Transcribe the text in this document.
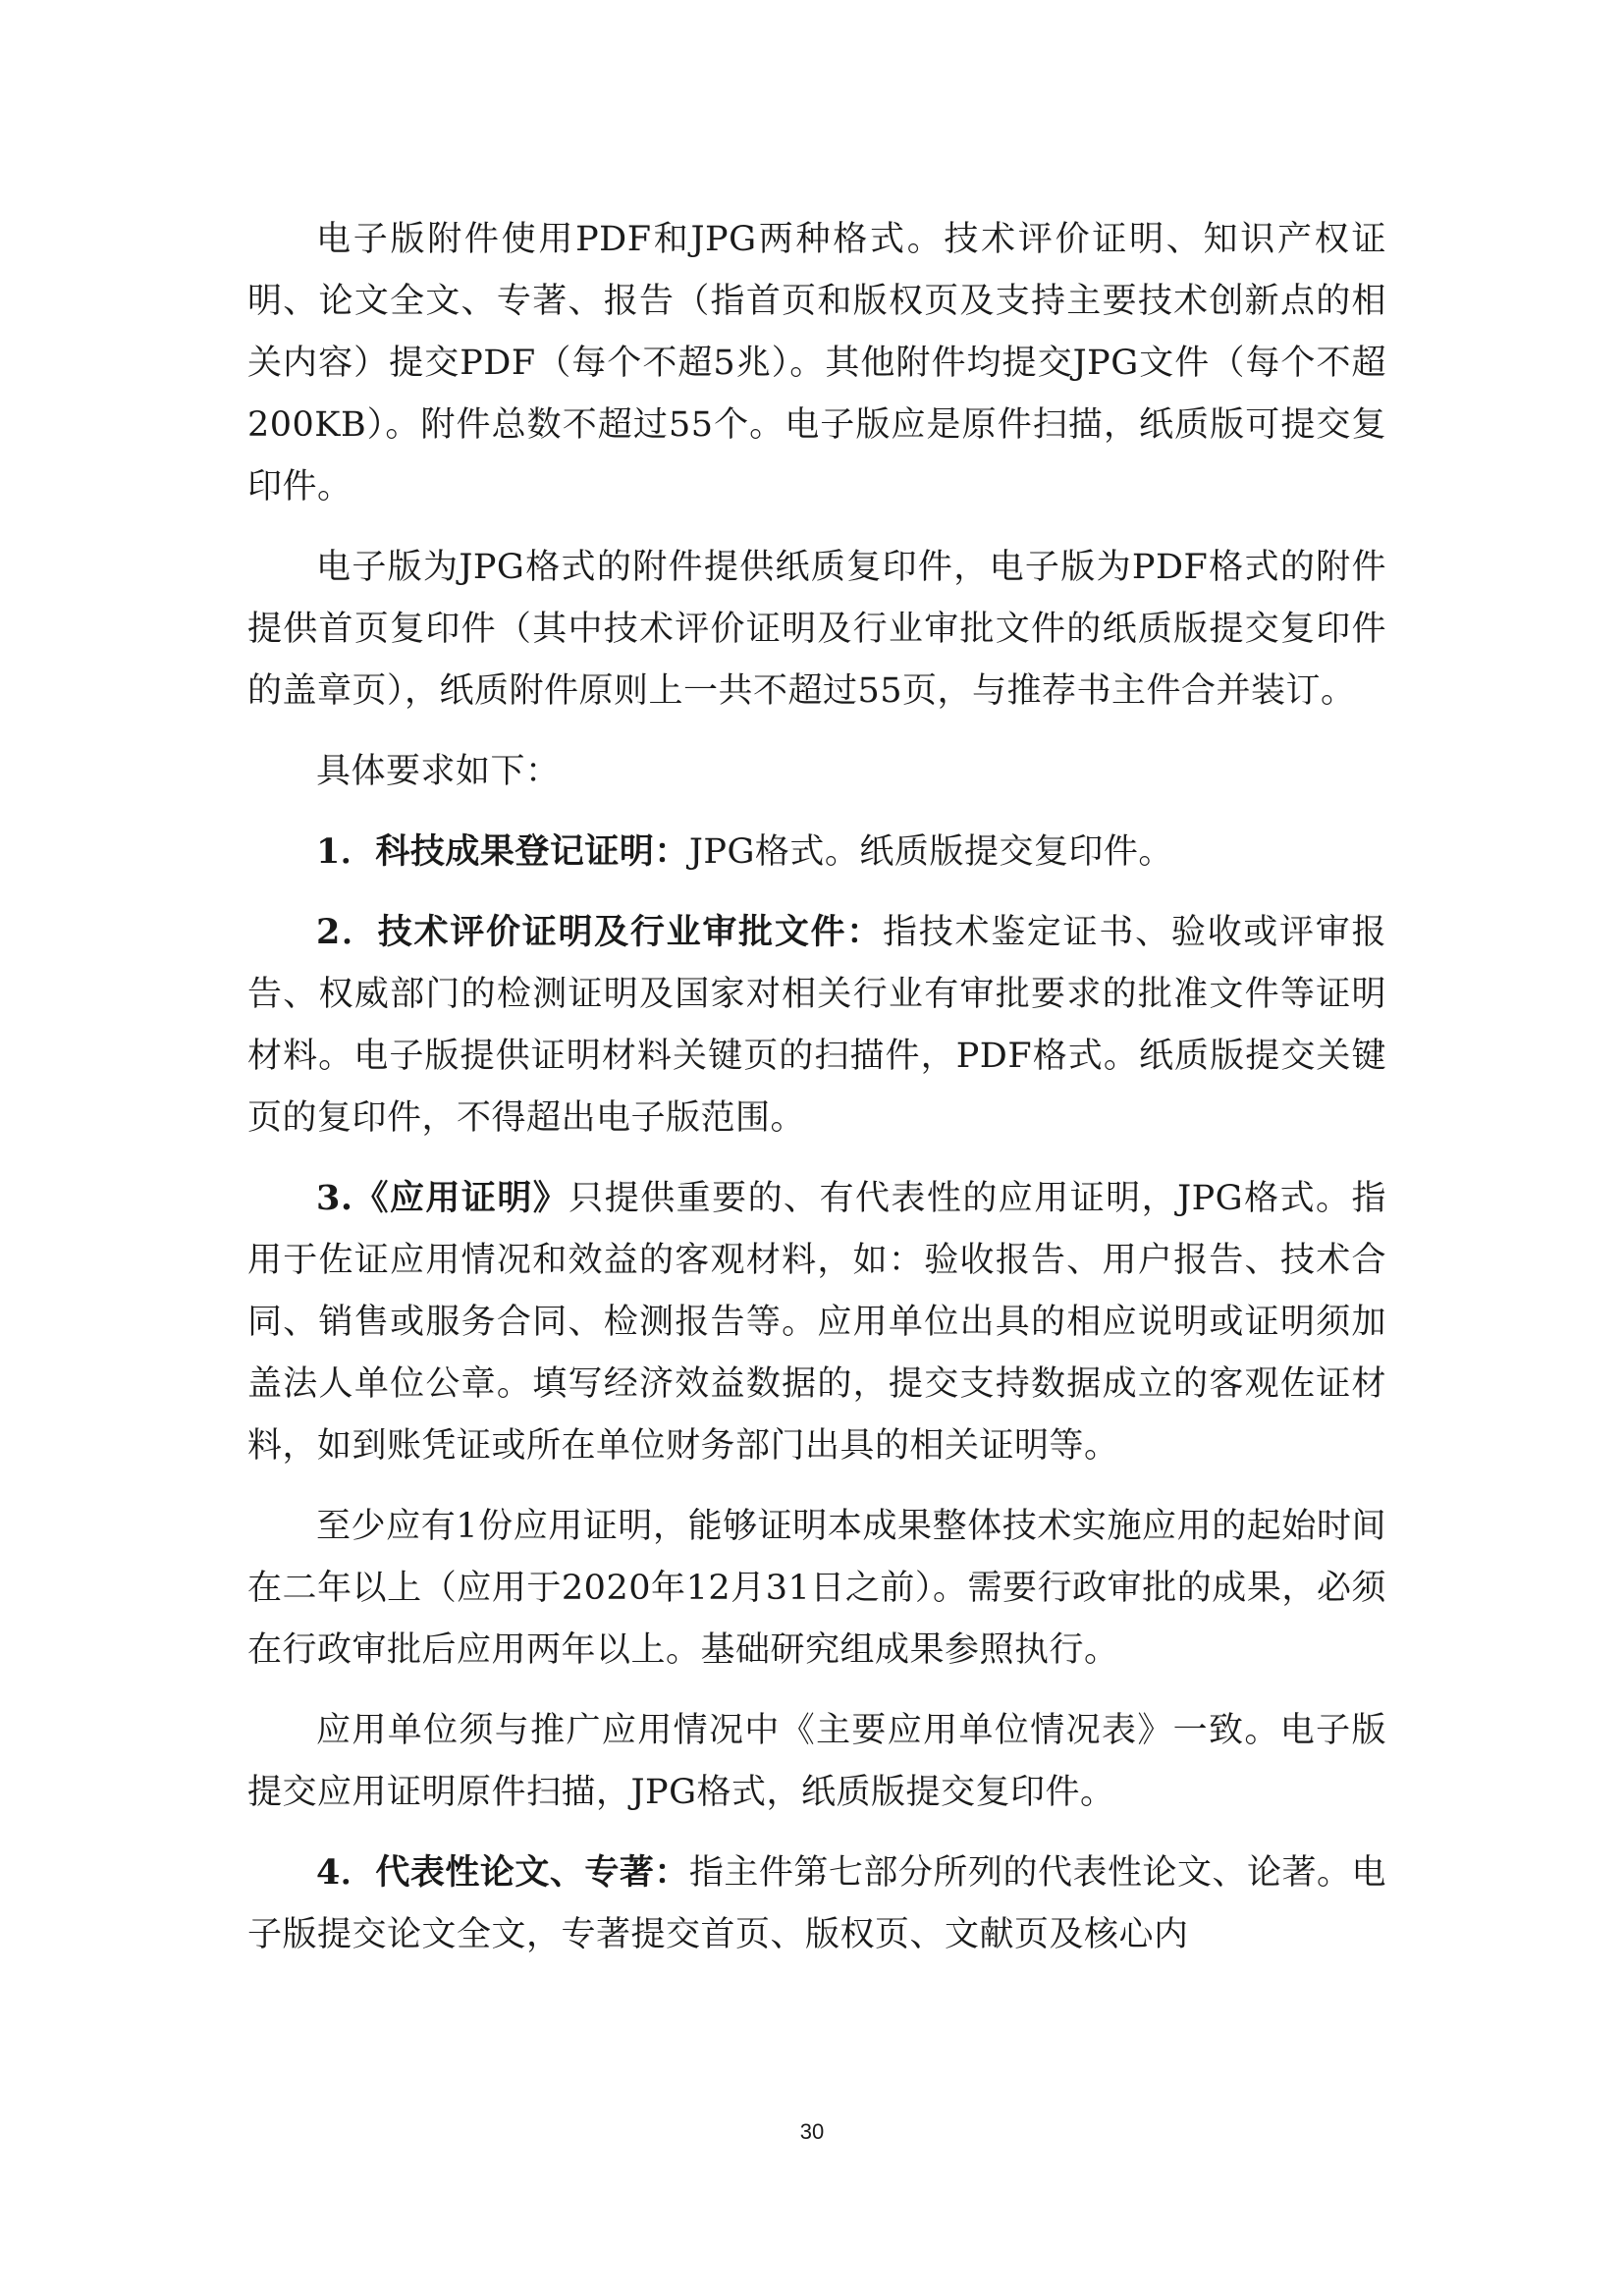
电子版附件使用PDF和JPG两种格式。技术评价证明、知识产权证明、论文全文、专著、报告（指首页和版权页及支持主要技术创新点的相关内容）提交PDF（每个不超5兆）。其他附件均提交JPG文件（每个不超200KB）。附件总数不超过55个。电子版应是原件扫描，纸质版可提交复印件。

电子版为JPG格式的附件提供纸质复印件，电子版为PDF格式的附件提供首页复印件（其中技术评价证明及行业审批文件的纸质版提交复印件的盖章页），纸质附件原则上一共不超过55页，与推荐书主件合并装订。

具体要求如下：

1．科技成果登记证明：JPG格式。纸质版提交复印件。

2．技术评价证明及行业审批文件：指技术鉴定证书、验收或评审报告、权威部门的检测证明及国家对相关行业有审批要求的批准文件等证明材料。电子版提供证明材料关键页的扫描件，PDF格式。纸质版提交关键页的复印件，不得超出电子版范围。

3.《应用证明》只提供重要的、有代表性的应用证明，JPG格式。指用于佐证应用情况和效益的客观材料，如：验收报告、用户报告、技术合同、销售或服务合同、检测报告等。应用单位出具的相应说明或证明须加盖法人单位公章。填写经济效益数据的，提交支持数据成立的客观佐证材料，如到账凭证或所在单位财务部门出具的相关证明等。

至少应有1份应用证明，能够证明本成果整体技术实施应用的起始时间在二年以上（应用于2020年12月31日之前）。需要行政审批的成果，必须在行政审批后应用两年以上。基础研究组成果参照执行。

应用单位须与推广应用情况中《主要应用单位情况表》一致。电子版提交应用证明原件扫描，JPG格式，纸质版提交复印件。

4．代表性论文、专著：指主件第七部分所列的代表性论文、论著。电子版提交论文全文，专著提交首页、版权页、文献页及核心内

30
